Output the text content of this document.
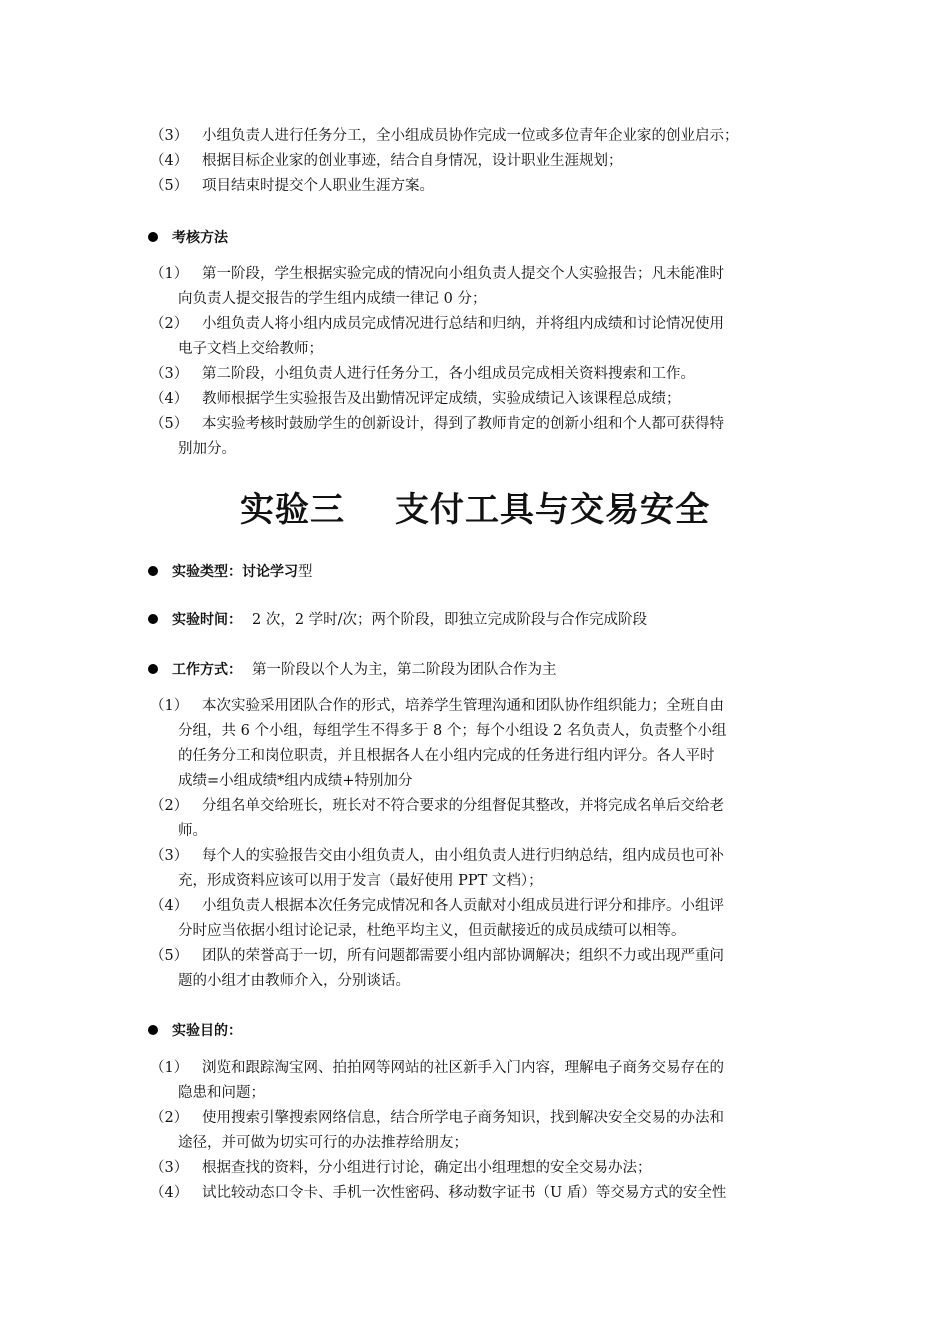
（3） 小组负责人进行任务分工，全小组成员协作完成一位或多位青年企业家的创业启示；
（4） 根据目标企业家的创业事迹，结合自身情况，设计职业生涯规划；
（5） 项目结束时提交个人职业生涯方案。
考核方法
（1） 第一阶段，学生根据实验完成的情况向小组负责人提交个人实验报告；凡未能准时
向负责人提交报告的学生组内成绩一律记 0 分；
（2） 小组负责人将小组内成员完成情况进行总结和归纳，并将组内成绩和讨论情况使用
电子文档上交给教师；
（3） 第二阶段，小组负责人进行任务分工，各小组成员完成相关资料搜索和工作。
（4） 教师根据学生实验报告及出勤情况评定成绩，实验成绩记入该课程总成绩；
（5） 本实验考核时鼓励学生的创新设计，得到了教师肯定的创新小组和个人都可获得特
别加分。
实验三 支付工具与交易安全
实验类型：讨论学习型
实验时间： 2 次，2 学时/次；两个阶段，即独立完成阶段与合作完成阶段
工作方式： 第一阶段以个人为主，第二阶段为团队合作为主
（1） 本次实验采用团队合作的形式，培养学生管理沟通和团队协作组织能力；全班自由
分组，共 6 个小组，每组学生不得多于 8 个；每个小组设 2 名负责人，负责整个小组
的任务分工和岗位职责，并且根据各人在小组内完成的任务进行组内评分。各人平时
成绩=小组成绩*组内成绩+特别加分
（2） 分组名单交给班长，班长对不符合要求的分组督促其整改，并将完成名单后交给老
师。
（3） 每个人的实验报告交由小组负责人，由小组负责人进行归纳总结，组内成员也可补
充，形成资料应该可以用于发言（最好使用 PPT 文档）；
（4） 小组负责人根据本次任务完成情况和各人贡献对小组成员进行评分和排序。小组评
分时应当依据小组讨论记录，杜绝平均主义，但贡献接近的成员成绩可以相等。
（5） 团队的荣誉高于一切，所有问题都需要小组内部协调解决；组织不力或出现严重问
题的小组才由教师介入，分别谈话。
实验目的：
（1） 浏览和跟踪淘宝网、拍拍网等网站的社区新手入门内容，理解电子商务交易存在的
隐患和问题；
（2） 使用搜索引擎搜索网络信息，结合所学电子商务知识，找到解决安全交易的办法和
途径，并可做为切实可行的办法推荐给朋友；
（3） 根据查找的资料，分小组进行讨论，确定出小组理想的安全交易办法；
（4） 试比较动态口令卡、手机一次性密码、移动数字证书（U 盾）等交易方式的安全性
